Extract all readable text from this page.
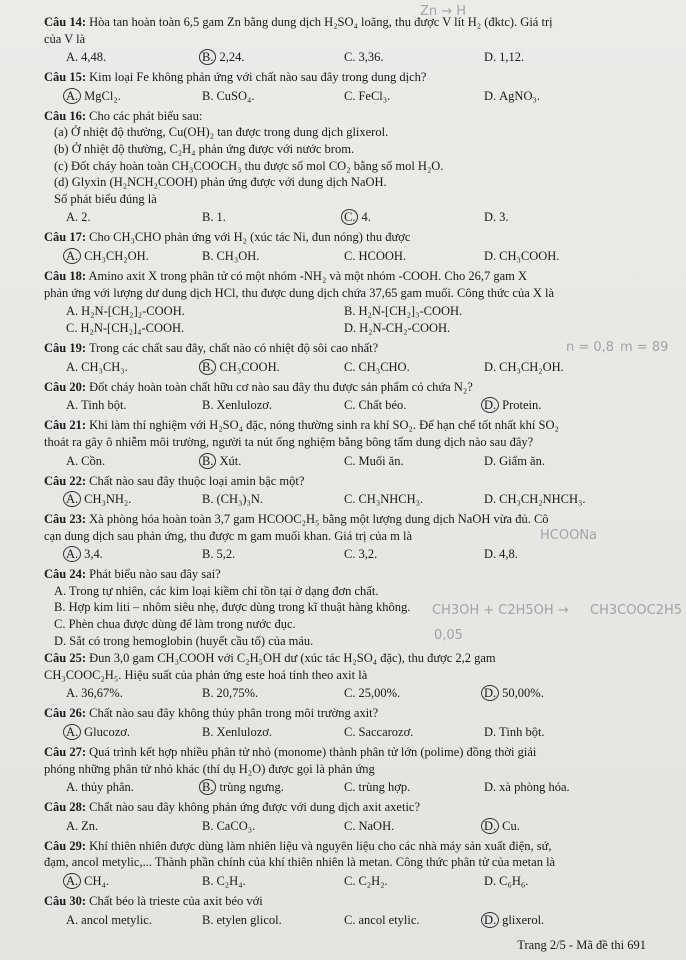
Câu 14: Hòa tan hoàn toàn 6,5 gam Zn bằng dung dịch H₂SO₄ loãng, thu được V lít H₂ (đktc). Giá trị
của V là
A. 4,48.	B. 2,24.	C. 3,36.	D. 1,12.
Câu 15: Kim loại Fe không phản ứng với chất nào sau đây trong dung dịch?
A. MgCl₂.	B. CuSO₄.	C. FeCl₃.	D. AgNO₃.
Câu 16: Cho các phát biểu sau:
(a) Ở nhiệt độ thường, Cu(OH)₂ tan được trong dung dịch glixerol.
(b) Ở nhiệt độ thường, C₂H₄ phản ứng được với nước brom.
(c) Đốt cháy hoàn toàn CH₃COOCH₃ thu được số mol CO₂ bằng số mol H₂O.
(d) Glyxin (H₂NCH₂COOH) phản ứng được với dung dịch NaOH.
Số phát biểu đúng là
A. 2.	B. 1.	C. 4.	D. 3.
Câu 17: Cho CH₃CHO phản ứng với H₂ (xúc tác Ni, đun nóng) thu được
A. CH₃CH₂OH.	B. CH₃OH.	C. HCOOH.	D. CH₃COOH.
Câu 18: Amino axit X trong phân tử có một nhóm -NH₂ và một nhóm -COOH. Cho 26,7 gam X
phản ứng với lượng dư dung dịch HCl, thu được dung dịch chứa 37,65 gam muối. Công thức của X là
A. H₂N-[CH₂]₂-COOH.	B. H₂N-[CH₂]₃-COOH.
C. H₂N-[CH₂]₄-COOH.	D. H₂N-CH₂-COOH.
Câu 19: Trong các chất sau đây, chất nào có nhiệt độ sôi cao nhất?
A. CH₃CH₃.	B. CH₃COOH.	C. CH₃CHO.	D. CH₃CH₂OH.
Câu 20: Đốt cháy hoàn toàn chất hữu cơ nào sau đây thu được sản phẩm có chứa N₂?
A. Tinh bột.	B. Xenlulozơ.	C. Chất béo.	D. Protein.
Câu 21: Khi làm thí nghiệm với H₂SO₄ đặc, nóng thường sinh ra khí SO₂. Để hạn chế tốt nhất khí SO₂
thoát ra gây ô nhiễm môi trường, người ta nút ống nghiệm bằng bông tẩm dung dịch nào sau đây?
A. Cồn.	B. Xút.	C. Muối ăn.	D. Giấm ăn.
Câu 22: Chất nào sau đây thuộc loại amin bậc một?
A. CH₃NH₂.	B. (CH₃)₃N.	C. CH₃NHCH₃.	D. CH₃CH₂NHCH₃.
Câu 23: Xà phòng hóa hoàn toàn 3,7 gam HCOOC₂H₅ bằng một lượng dung dịch NaOH vừa đủ. Cô
cạn dung dịch sau phản ứng, thu được m gam muối khan. Giá trị của m là
A. 3,4.	B. 5,2.	C. 3,2.	D. 4,8.
Câu 24: Phát biểu nào sau đây sai?
A. Trong tự nhiên, các kim loại kiềm chỉ tồn tại ở dạng đơn chất.
B. Hợp kim liti – nhôm siêu nhẹ, được dùng trong kĩ thuật hàng không.
C. Phèn chua được dùng để làm trong nước đục.
D. Sắt có trong hemoglobin (huyết cầu tố) của máu.
Câu 25: Đun 3,0 gam CH₃COOH với C₂H₅OH dư (xúc tác H₂SO₄ đặc), thu được 2,2 gam
CH₃COOC₂H₅. Hiệu suất của phản ứng este hoá tính theo axit là
A. 36,67%.	B. 20,75%.	C. 25,00%.	D. 50,00%.
Câu 26: Chất nào sau đây không thủy phân trong môi trường axit?
A. Glucozơ.	B. Xenlulozơ.	C. Saccarozơ.	D. Tinh bột.
Câu 27: Quá trình kết hợp nhiều phân tử nhỏ (monome) thành phân tử lớn (polime) đồng thời giải
phóng những phân tử nhỏ khác (thí dụ H₂O) được gọi là phản ứng
A. thủy phân.	B. trùng ngưng.	C. trùng hợp.	D. xà phòng hóa.
Câu 28: Chất nào sau đây không phản ứng được với dung dịch axit axetic?
A. Zn.	B. CaCO₃.	C. NaOH.	D. Cu.
Câu 29: Khí thiên nhiên được dùng làm nhiên liệu và nguyên liệu cho các nhà máy sản xuất điện, sứ,
đạm, ancol metylic,... Thành phần chính của khí thiên nhiên là metan. Công thức phân tử của metan là
A. CH₄.	B. C₂H₄.	C. C₂H₂.	D. C₆H₆.
Câu 30: Chất béo là trieste của axit béo với
A. ancol metylic.	B. etylen glicol.	C. ancol etylic.	D. glixerol.
Zn → H
n = 0,8 m = 89
HCOONa
CH3OH + C2H5OH → CH3COOC2H5
0,05
Trang 2/5 - Mã đề thi 691
